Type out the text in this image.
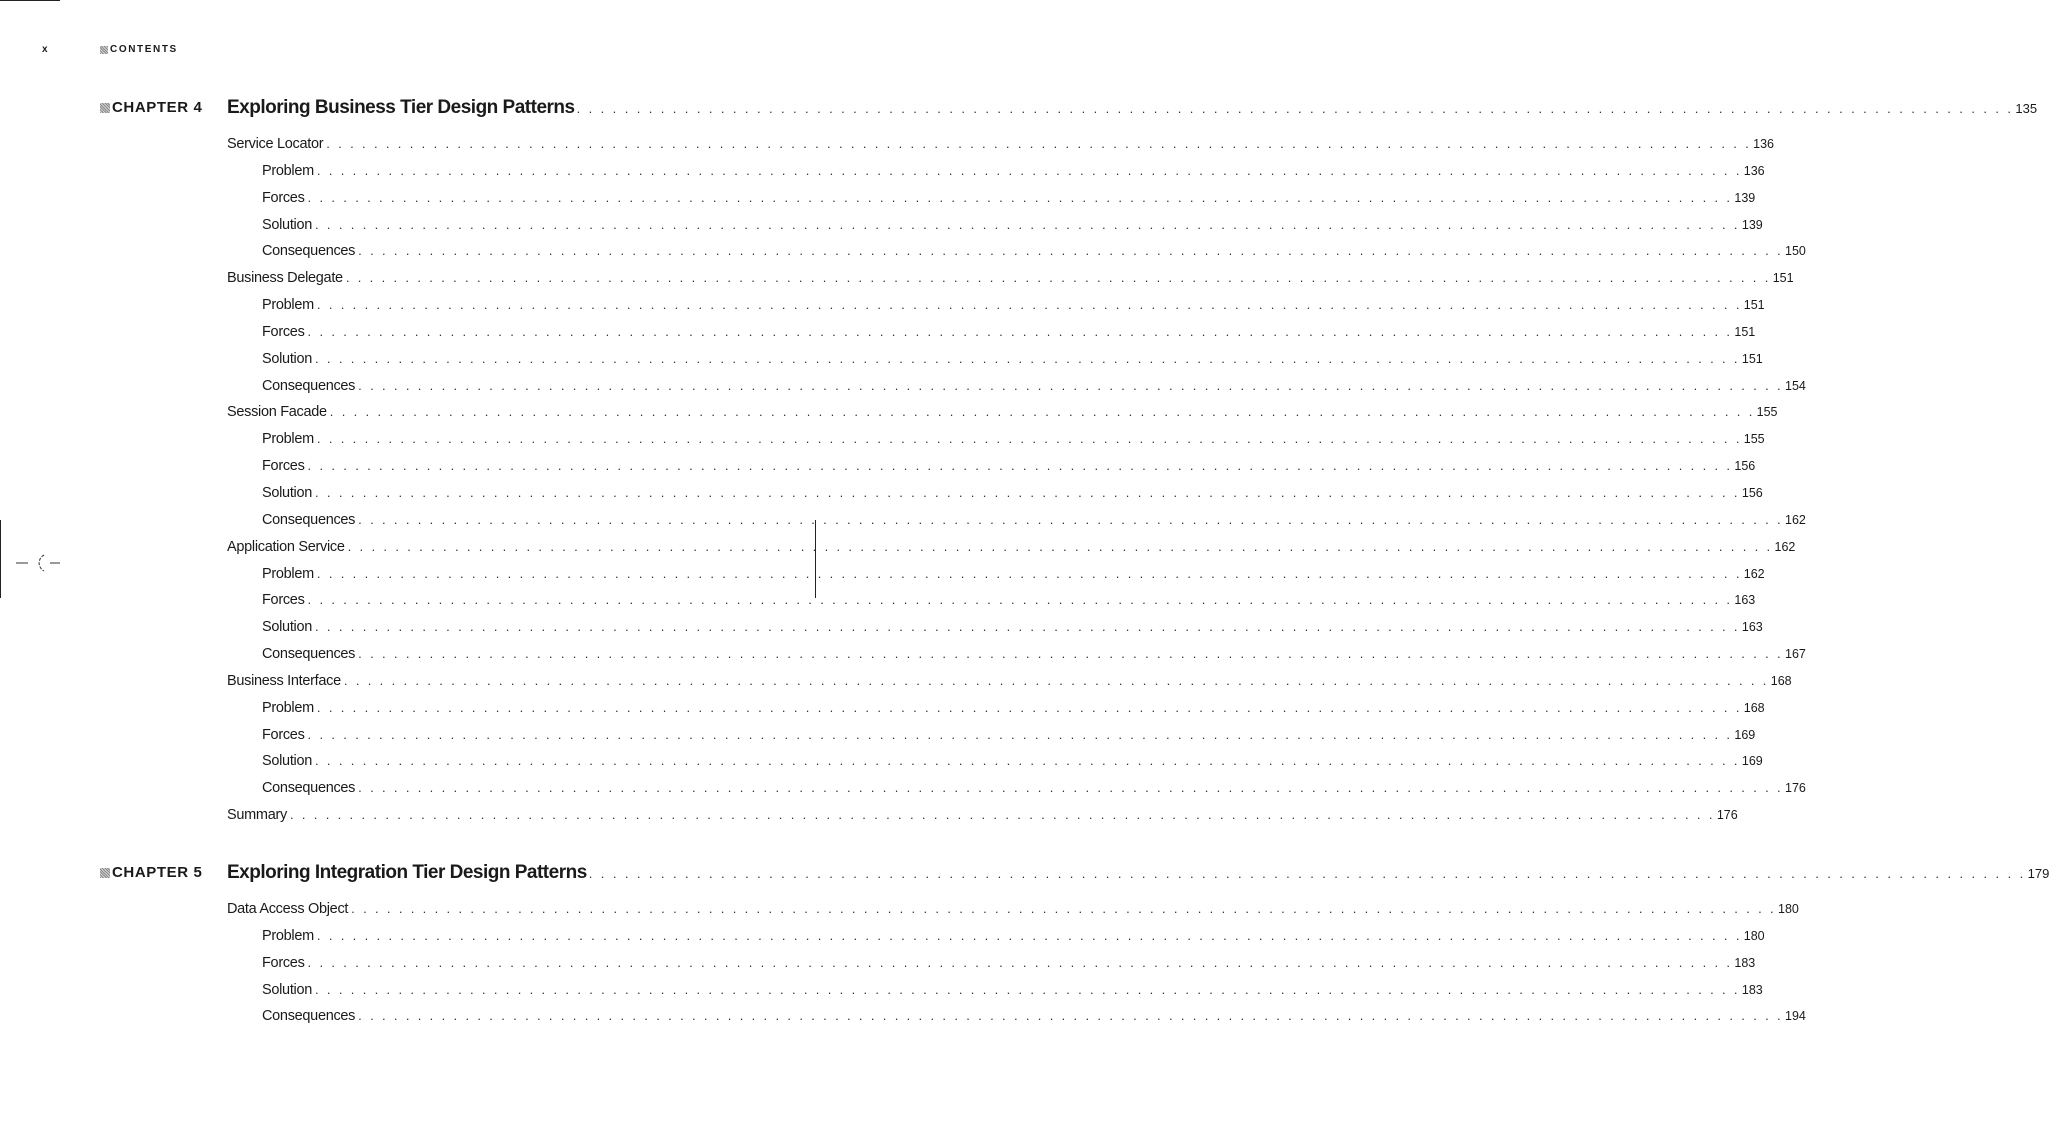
x	CONTENTS
CHAPTER 4 Exploring Business Tier Design Patterns . . . . . . . . . . . . . . . . . . . . . . . . . . . . . . . . . . . . . . . . . . . . . . . . . . . . . . . . . . . . . . . . . . . . . . . . . . . . . . . . . . . . . . . . . . . . . . . . . . . . . . . . . . . . . . . . . . . . . . . . 135
Service Locator . . . . . . . . . . . . . . . . . . . . . . . . . . . . . . . . . . . . . . . . . . . . . . . . . . . . . . . . . . . . . . . . . . . . . . . . . . . . . . . . . . . . . . . . . . . . . . . . . . . . . . . . . . . . . . . . . . . . . . . . 136
Problem . . . . . . . . . . . . . . . . . . . . . . . . . . . . . . . . . . . . . . . . . . . . . . . . . . . . . . . . . . . . . . . . . . . . . . . . . . . . . . . . . . . . . . . . . . . . . . . . . . . . . . . . . . . . . . . . . . . . . . . . 136
Forces . . . . . . . . . . . . . . . . . . . . . . . . . . . . . . . . . . . . . . . . . . . . . . . . . . . . . . . . . . . . . . . . . . . . . . . . . . . . . . . . . . . . . . . . . . . . . . . . . . . . . . . . . . . . . . . . . . . . . . . . 139
Solution . . . . . . . . . . . . . . . . . . . . . . . . . . . . . . . . . . . . . . . . . . . . . . . . . . . . . . . . . . . . . . . . . . . . . . . . . . . . . . . . . . . . . . . . . . . . . . . . . . . . . . . . . . . . . . . . . . . . . . . . 139
Consequences . . . . . . . . . . . . . . . . . . . . . . . . . . . . . . . . . . . . . . . . . . . . . . . . . . . . . . . . . . . . . . . . . . . . . . . . . . . . . . . . . . . . . . . . . . . . . . . . . . . . . . . . . . . . . . . . . . . . . . . . 150
Business Delegate . . . . . . . . . . . . . . . . . . . . . . . . . . . . . . . . . . . . . . . . . . . . . . . . . . . . . . . . . . . . . . . . . . . . . . . . . . . . . . . . . . . . . . . . . . . . . . . . . . . . . . . . . . . . . . . . . . . . . . . . 151
Problem . . . . . . . . . . . . . . . . . . . . . . . . . . . . . . . . . . . . . . . . . . . . . . . . . . . . . . . . . . . . . . . . . . . . . . . . . . . . . . . . . . . . . . . . . . . . . . . . . . . . . . . . . . . . . . . . . . . . . . . . 151
Forces . . . . . . . . . . . . . . . . . . . . . . . . . . . . . . . . . . . . . . . . . . . . . . . . . . . . . . . . . . . . . . . . . . . . . . . . . . . . . . . . . . . . . . . . . . . . . . . . . . . . . . . . . . . . . . . . . . . . . . . . 151
Solution . . . . . . . . . . . . . . . . . . . . . . . . . . . . . . . . . . . . . . . . . . . . . . . . . . . . . . . . . . . . . . . . . . . . . . . . . . . . . . . . . . . . . . . . . . . . . . . . . . . . . . . . . . . . . . . . . . . . . . . . 151
Consequences . . . . . . . . . . . . . . . . . . . . . . . . . . . . . . . . . . . . . . . . . . . . . . . . . . . . . . . . . . . . . . . . . . . . . . . . . . . . . . . . . . . . . . . . . . . . . . . . . . . . . . . . . . . . . . . . . . . . . . . . 154
Session Facade . . . . . . . . . . . . . . . . . . . . . . . . . . . . . . . . . . . . . . . . . . . . . . . . . . . . . . . . . . . . . . . . . . . . . . . . . . . . . . . . . . . . . . . . . . . . . . . . . . . . . . . . . . . . . . . . . . . . . . . . 155
Problem . . . . . . . . . . . . . . . . . . . . . . . . . . . . . . . . . . . . . . . . . . . . . . . . . . . . . . . . . . . . . . . . . . . . . . . . . . . . . . . . . . . . . . . . . . . . . . . . . . . . . . . . . . . . . . . . . . . . . . . . 155
Forces . . . . . . . . . . . . . . . . . . . . . . . . . . . . . . . . . . . . . . . . . . . . . . . . . . . . . . . . . . . . . . . . . . . . . . . . . . . . . . . . . . . . . . . . . . . . . . . . . . . . . . . . . . . . . . . . . . . . . . . . 156
Solution . . . . . . . . . . . . . . . . . . . . . . . . . . . . . . . . . . . . . . . . . . . . . . . . . . . . . . . . . . . . . . . . . . . . . . . . . . . . . . . . . . . . . . . . . . . . . . . . . . . . . . . . . . . . . . . . . . . . . . . . 156
Consequences . . . . . . . . . . . . . . . . . . . . . . . . . . . . . . . . . . . . . . . . . . . . . . . . . . . . . . . . . . . . . . . . . . . . . . . . . . . . . . . . . . . . . . . . . . . . . . . . . . . . . . . . . . . . . . . . . . . . . . . . 162
Application Service . . . . . . . . . . . . . . . . . . . . . . . . . . . . . . . . . . . . . . . . . . . . . . . . . . . . . . . . . . . . . . . . . . . . . . . . . . . . . . . . . . . . . . . . . . . . . . . . . . . . . . . . . . . . . . . . . . . . . . . . 162
Problem . . . . . . . . . . . . . . . . . . . . . . . . . . . . . . . . . . . . . . . . . . . . . . . . . . . . . . . . . . . . . . . . . . . . . . . . . . . . . . . . . . . . . . . . . . . . . . . . . . . . . . . . . . . . . . . . . . . . . . . . 162
Forces . . . . . . . . . . . . . . . . . . . . . . . . . . . . . . . . . . . . . . . . . . . . . . . . . . . . . . . . . . . . . . . . . . . . . . . . . . . . . . . . . . . . . . . . . . . . . . . . . . . . . . . . . . . . . . . . . . . . . . . . 163
Solution . . . . . . . . . . . . . . . . . . . . . . . . . . . . . . . . . . . . . . . . . . . . . . . . . . . . . . . . . . . . . . . . . . . . . . . . . . . . . . . . . . . . . . . . . . . . . . . . . . . . . . . . . . . . . . . . . . . . . . . . 163
Consequences . . . . . . . . . . . . . . . . . . . . . . . . . . . . . . . . . . . . . . . . . . . . . . . . . . . . . . . . . . . . . . . . . . . . . . . . . . . . . . . . . . . . . . . . . . . . . . . . . . . . . . . . . . . . . . . . . . . . . . . . 167
Business Interface . . . . . . . . . . . . . . . . . . . . . . . . . . . . . . . . . . . . . . . . . . . . . . . . . . . . . . . . . . . . . . . . . . . . . . . . . . . . . . . . . . . . . . . . . . . . . . . . . . . . . . . . . . . . . . . . . . . . . . . . 168
Problem . . . . . . . . . . . . . . . . . . . . . . . . . . . . . . . . . . . . . . . . . . . . . . . . . . . . . . . . . . . . . . . . . . . . . . . . . . . . . . . . . . . . . . . . . . . . . . . . . . . . . . . . . . . . . . . . . . . . . . . . 168
Forces . . . . . . . . . . . . . . . . . . . . . . . . . . . . . . . . . . . . . . . . . . . . . . . . . . . . . . . . . . . . . . . . . . . . . . . . . . . . . . . . . . . . . . . . . . . . . . . . . . . . . . . . . . . . . . . . . . . . . . . . 169
Solution . . . . . . . . . . . . . . . . . . . . . . . . . . . . . . . . . . . . . . . . . . . . . . . . . . . . . . . . . . . . . . . . . . . . . . . . . . . . . . . . . . . . . . . . . . . . . . . . . . . . . . . . . . . . . . . . . . . . . . . . 169
Consequences . . . . . . . . . . . . . . . . . . . . . . . . . . . . . . . . . . . . . . . . . . . . . . . . . . . . . . . . . . . . . . . . . . . . . . . . . . . . . . . . . . . . . . . . . . . . . . . . . . . . . . . . . . . . . . . . . . . . . . . . 176
Summary . . . . . . . . . . . . . . . . . . . . . . . . . . . . . . . . . . . . . . . . . . . . . . . . . . . . . . . . . . . . . . . . . . . . . . . . . . . . . . . . . . . . . . . . . . . . . . . . . . . . . . . . . . . . . . . . . . . . . . . . 176
CHAPTER 5 Exploring Integration Tier Design Patterns . . . . . . . . . . . . . . . . . . . . . . . . . . . . . . . . . . . . . . . . . . . . . . . . . . . . . . . . . . . . . . . . . . . . . . . . . . . . . . . . . . . . . . . . . . . . . . . . . . . . . . . . . . . . . . . . . . . . . . . . 179
Data Access Object . . . . . . . . . . . . . . . . . . . . . . . . . . . . . . . . . . . . . . . . . . . . . . . . . . . . . . . . . . . . . . . . . . . . . . . . . . . . . . . . . . . . . . . . . . . . . . . . . . . . . . . . . . . . . . . . . . . . . . . . 180
Problem . . . . . . . . . . . . . . . . . . . . . . . . . . . . . . . . . . . . . . . . . . . . . . . . . . . . . . . . . . . . . . . . . . . . . . . . . . . . . . . . . . . . . . . . . . . . . . . . . . . . . . . . . . . . . . . . . . . . . . . . 180
Forces . . . . . . . . . . . . . . . . . . . . . . . . . . . . . . . . . . . . . . . . . . . . . . . . . . . . . . . . . . . . . . . . . . . . . . . . . . . . . . . . . . . . . . . . . . . . . . . . . . . . . . . . . . . . . . . . . . . . . . . . 183
Solution . . . . . . . . . . . . . . . . . . . . . . . . . . . . . . . . . . . . . . . . . . . . . . . . . . . . . . . . . . . . . . . . . . . . . . . . . . . . . . . . . . . . . . . . . . . . . . . . . . . . . . . . . . . . . . . . . . . . . . . . 183
Consequences . . . . . . . . . . . . . . . . . . . . . . . . . . . . . . . . . . . . . . . . . . . . . . . . . . . . . . . . . . . . . . . . . . . . . . . . . . . . . . . . . . . . . . . . . . . . . . . . . . . . . . . . . . . . . . . . . . . . . . . . 194
